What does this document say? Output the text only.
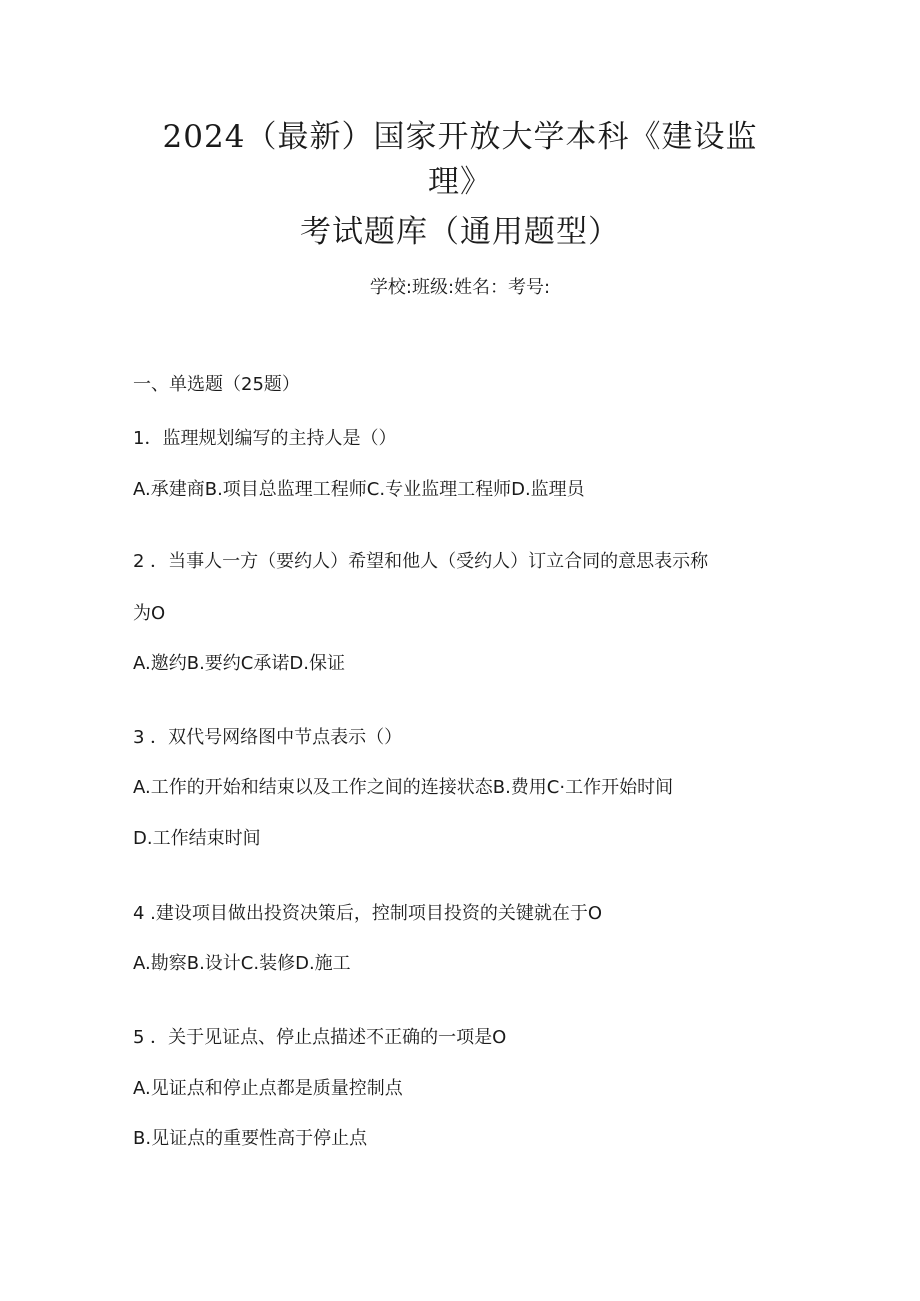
2024（最新）国家开放大学本科《建设监
理》
考试题库（通用题型）
学校:班级:姓名：考号:
一、单选题（25题）
1．监理规划编写的主持人是（）
A.承建商B.项目总监理工程师C.专业监理工程师D.监理员
2 ．当事人一方（要约人）希望和他人（受约人）订立合同的意思表示称
为O
A.邀约B.要约C承诺D.保证
3 ．双代号网络图中节点表示（）
A.工作的开始和结束以及工作之间的连接状态B.费用C·工作开始时间
D.工作结束时间
4 .建设项目做出投资决策后，控制项目投资的关键就在于O
A.勘察B.设计C.装修D.施工
5 ．关于见证点、停止点描述不正确的一项是O
A.见证点和停止点都是质量控制点
B.见证点的重要性高于停止点
